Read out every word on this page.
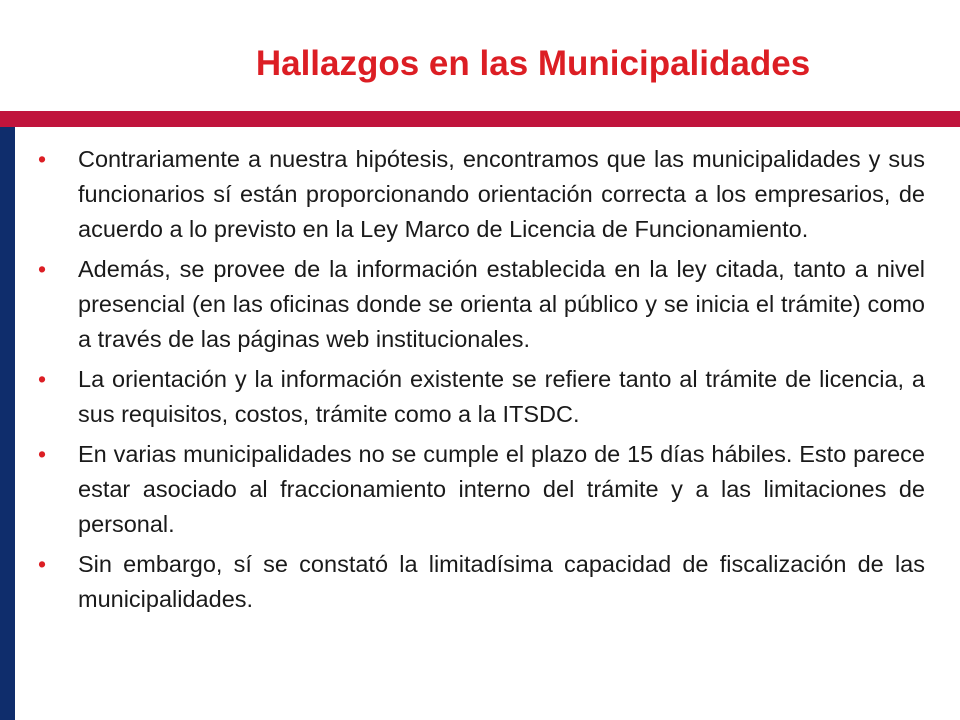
Hallazgos en las Municipalidades
• Contrariamente a nuestra hipótesis, encontramos que las municipalidades y sus funcionarios sí están proporcionando orientación correcta a los empresarios, de acuerdo a lo previsto en la Ley Marco de Licencia de Funcionamiento.
• Además, se provee de la información establecida en la ley citada, tanto a nivel presencial (en las oficinas donde se orienta al público y se inicia el trámite) como a través de las páginas web institucionales.
• La orientación y la información existente se refiere tanto al trámite de licencia, a sus requisitos, costos, trámite como a la ITSDC.
• En varias municipalidades no se cumple el plazo de 15 días hábiles. Esto parece estar asociado al fraccionamiento interno del trámite y a las limitaciones de personal.
• Sin embargo, sí se constató la limitadísima capacidad de fiscalización de las municipalidades.
